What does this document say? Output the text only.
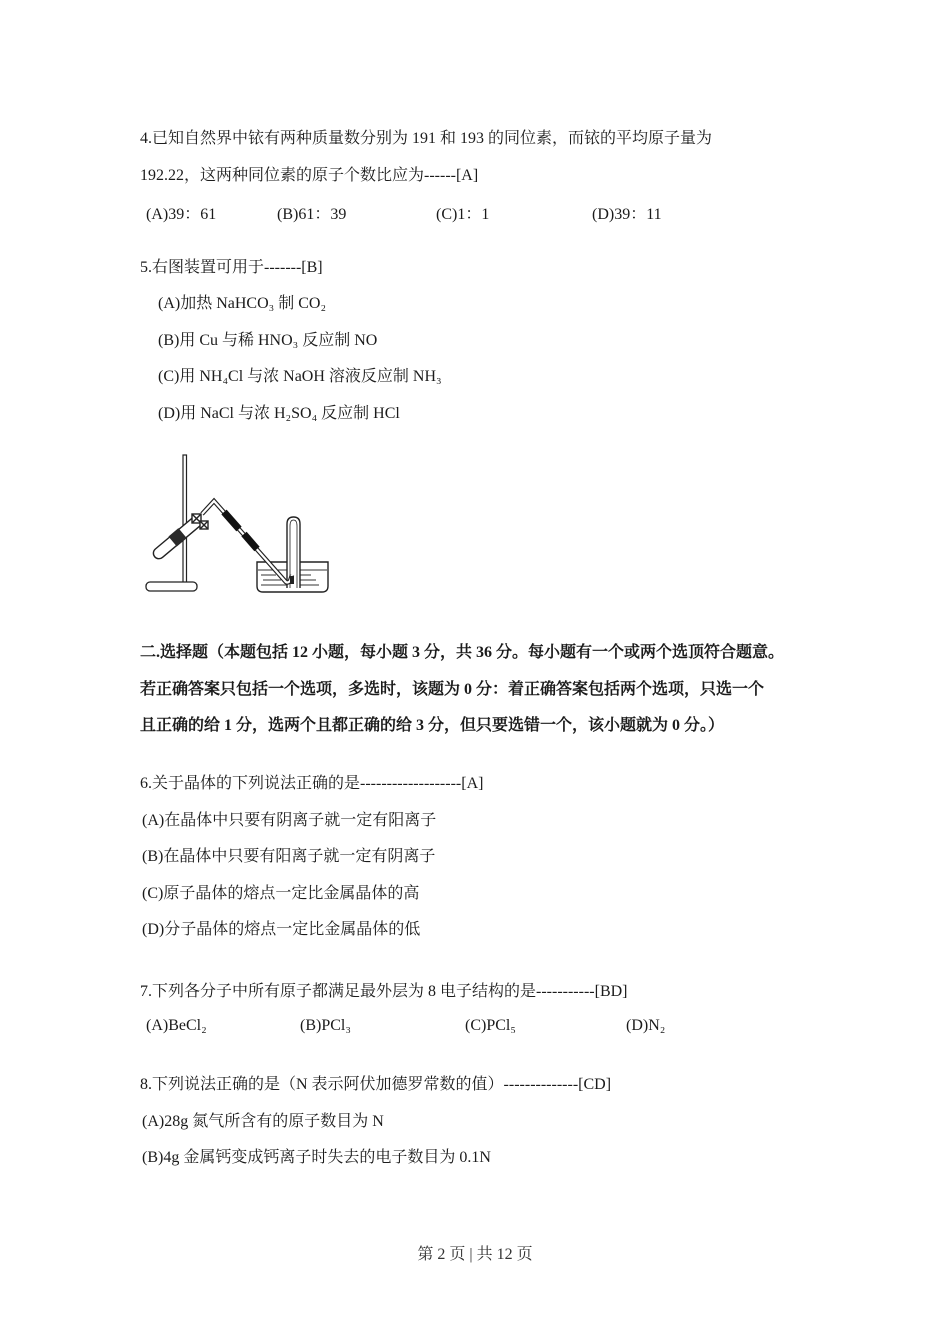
4.已知自然界中铱有两种质量数分别为 191 和 193 的同位素，而铱的平均原子量为
192.22，这两种同位素的原子个数比应为------[A]
(A)39：61	(B)61：39	(C)1：1	(D)39：11
5.右图装置可用于-------[B]
(A)加热 NaHCO₃ 制 CO₂
(B)用 Cu 与稀 HNO₃ 反应制 NO
(C)用 NH₄Cl 与浓 NaOH 溶液反应制 NH₃
(D)用 NaCl 与浓 H₂SO₄ 反应制 HCl
二.选择题（本题包括 12 小题，每小题 3 分，共 36 分。每小题有一个或两个选顶符合题意。
若正确答案只包括一个选项，多选时，该题为 0 分：着正确答案包括两个选项，只选一个
且正确的给 1 分，选两个且都正确的给 3 分，但只要选错一个，该小题就为 0 分。）
6.关于晶体的下列说法正确的是-------------------[A]
(A)在晶体中只要有阴离子就一定有阳离子
(B)在晶体中只要有阳离子就一定有阴离子
(C)原子晶体的熔点一定比金属晶体的高
(D)分子晶体的熔点一定比金属晶体的低
7.下列各分子中所有原子都满足最外层为 8 电子结构的是-----------[BD]
(A)BeCl₂	(B)PCl₃	(C)PCl₅	(D)N₂
8.下列说法正确的是（N 表示阿伏加德罗常数的值）--------------[CD]
(A)28g 氮气所含有的原子数目为 N
(B)4g 金属钙变成钙离子时失去的电子数目为 0.1N
第 2 页 | 共 12 页
